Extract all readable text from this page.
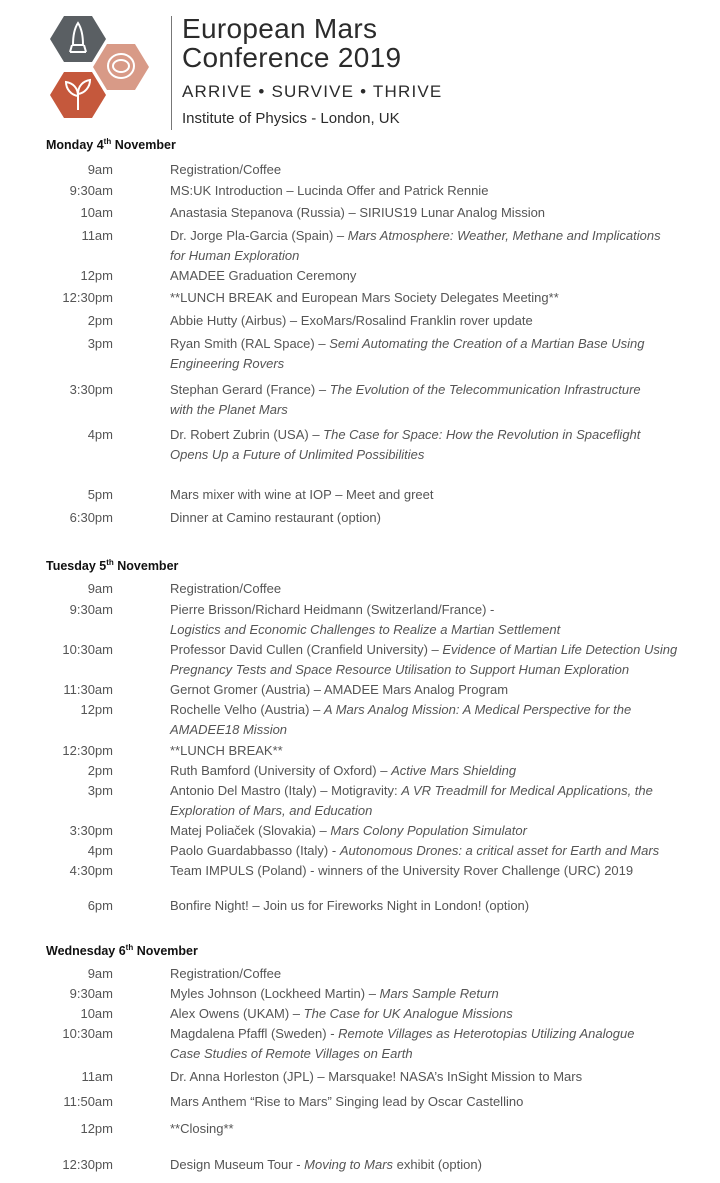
European Mars
Conference 2019
ARRIVE • SURVIVE • THRIVE
Institute of Physics - London, UK
Monday 4th November
9am	Registration/Coffee
9:30am	MS:UK Introduction – Lucinda Offer and Patrick Rennie
10am	Anastasia Stepanova (Russia) – SIRIUS19 Lunar Analog Mission
11am	Dr. Jorge Pla-Garcia (Spain) – Mars Atmosphere: Weather, Methane and Implications
for Human Exploration
12pm	AMADEE Graduation Ceremony
12:30pm	**LUNCH BREAK and European Mars Society Delegates Meeting**
2pm	Abbie Hutty (Airbus) – ExoMars/Rosalind Franklin rover update
3pm	Ryan Smith (RAL Space) – Semi Automating the Creation of a Martian Base Using
Engineering Rovers
3:30pm	Stephan Gerard (France) – The Evolution of the Telecommunication Infrastructure
with the Planet Mars
4pm	Dr. Robert Zubrin (USA) – The Case for Space: How the Revolution in Spaceflight
Opens Up a Future of Unlimited Possibilities
5pm	Mars mixer with wine at IOP – Meet and greet
6:30pm	Dinner at Camino restaurant (option)
Tuesday 5th November
9am	Registration/Coffee
9:30am	Pierre Brisson/Richard Heidmann (Switzerland/France) -
Logistics and Economic Challenges to Realize a Martian Settlement
10:30am	Professor David Cullen (Cranfield University) – Evidence of Martian Life Detection Using
Pregnancy Tests and Space Resource Utilisation to Support Human Exploration
11:30am	Gernot Gromer (Austria) – AMADEE Mars Analog Program
12pm	Rochelle Velho (Austria) – A Mars Analog Mission: A Medical Perspective for the
AMADEE18 Mission
12:30pm	**LUNCH BREAK**
2pm	Ruth Bamford (University of Oxford) – Active Mars Shielding
3pm	Antonio Del Mastro (Italy) – Motigravity: A VR Treadmill for Medical Applications, the
Exploration of Mars, and Education
3:30pm	Matej Poliaček (Slovakia) – Mars Colony Population Simulator
4pm	Paolo Guardabbasso (Italy) - Autonomous Drones: a critical asset for Earth and Mars
4:30pm	Team IMPULS (Poland) - winners of the University Rover Challenge (URC) 2019
6pm	Bonfire Night! – Join us for Fireworks Night in London! (option)
Wednesday 6th November
9am	Registration/Coffee
9:30am	Myles Johnson (Lockheed Martin) – Mars Sample Return
10am	Alex Owens (UKAM) – The Case for UK Analogue Missions
10:30am	Magdalena Pfaffl (Sweden) - Remote Villages as Heterotopias Utilizing Analogue
Case Studies of Remote Villages on Earth
11am	Dr. Anna Horleston (JPL) – Marsquake! NASA’s InSight Mission to Mars
11:50am	Mars Anthem “Rise to Mars” Singing lead by Oscar Castellino
12pm	**Closing**
12:30pm	Design Museum Tour - Moving to Mars exhibit (option)
